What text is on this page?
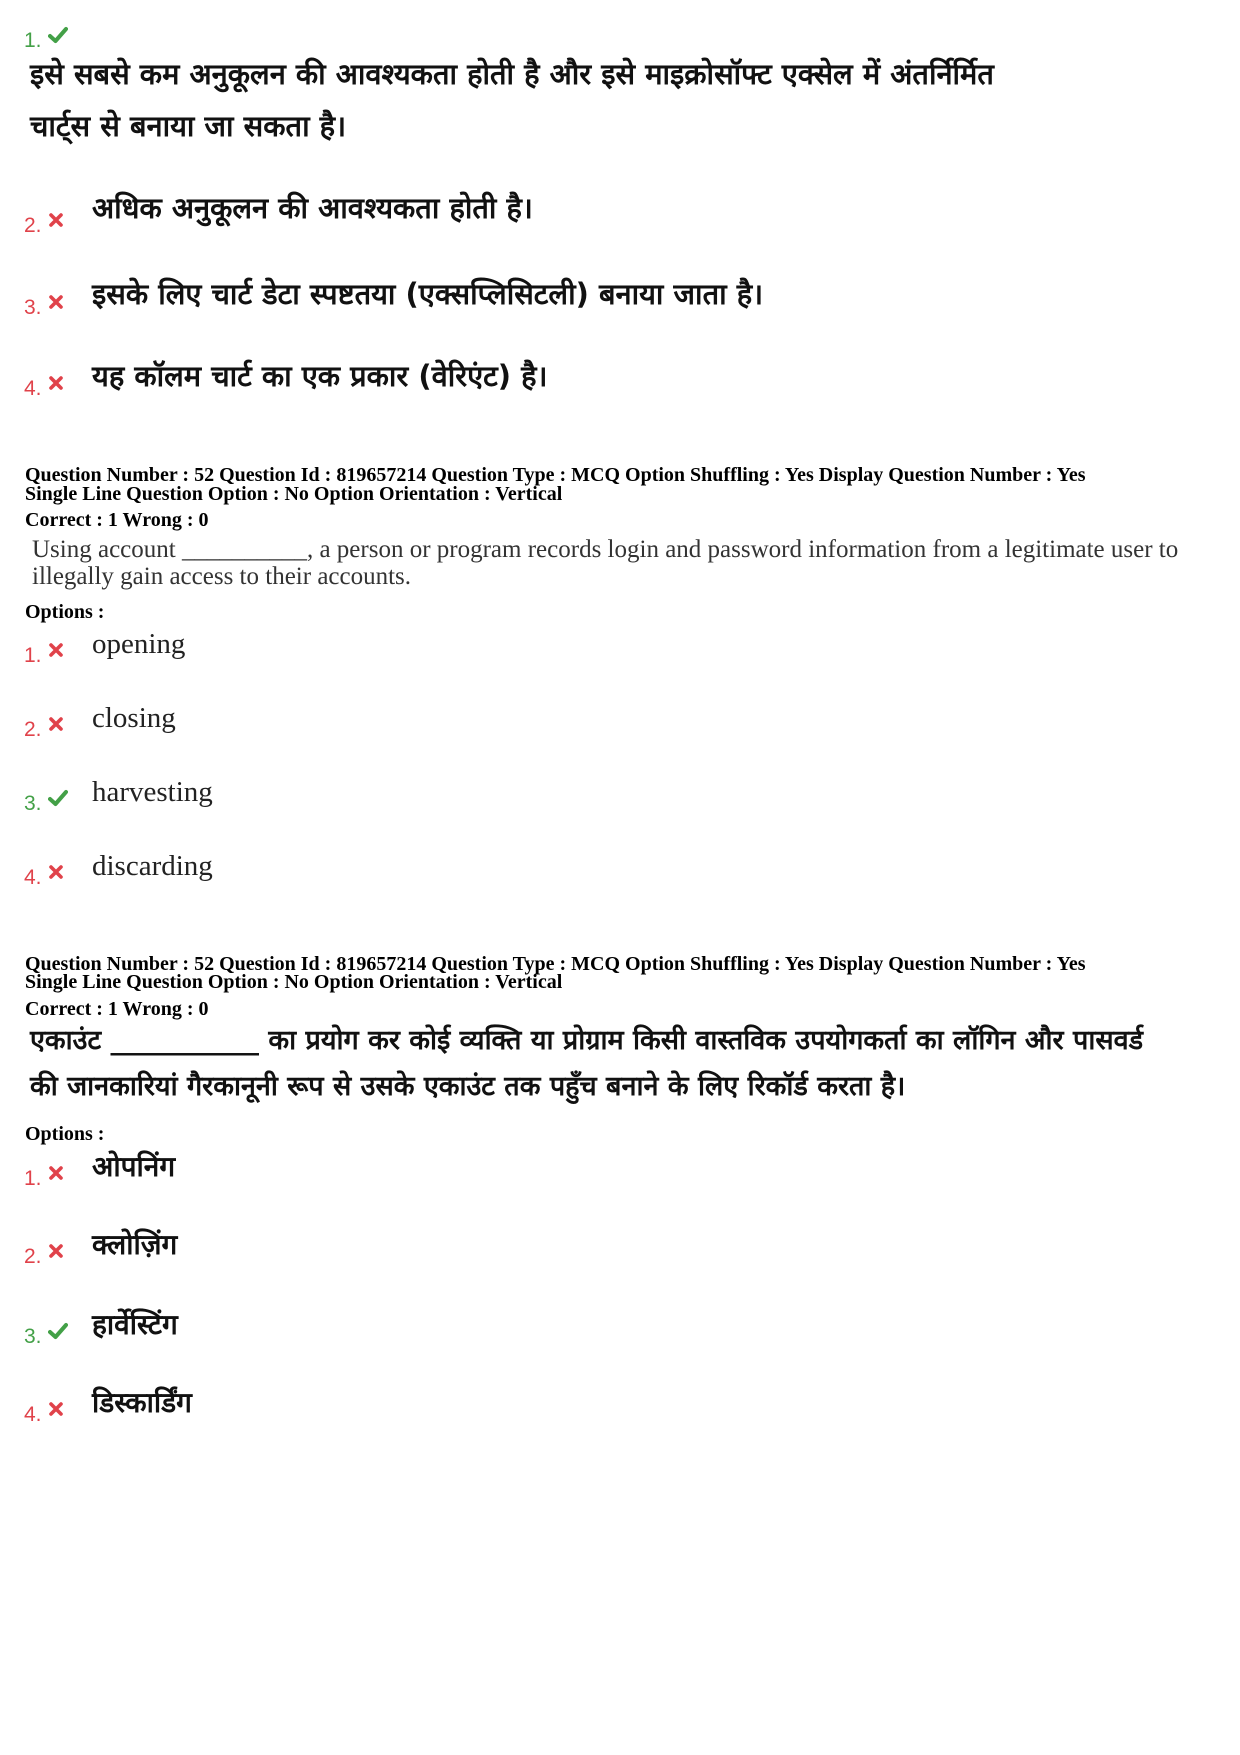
1.
इसे सबसे कम अनुकूलन की आवश्यकता होती है और इसे माइक्रोसॉफ्ट एक्सेल में अंतर्निर्मित
चार्ट्स से बनाया जा सकता है।
2.
अधिक अनुकूलन की आवश्यकता होती है।
3. इसके लिए चार्ट डेटा स्पष्टतया (एक्सप्लिसिटली) बनाया जाता है।
4. यह कॉलम चार्ट का एक प्रकार (वेरिएंट) है।
Question Number : 52 Question Id : 819657214 Question Type : MCQ Option Shuffling : Yes Display Question Number : Yes
Single Line Question Option : No Option Orientation : Vertical
Correct : 1 Wrong : 0
Using account __________, a person or program records login and password information from a legitimate user to
illegally gain access to their accounts.
Options :
1. opening
2. closing
3. harvesting
4. discarding
Question Number : 52 Question Id : 819657214 Question Type : MCQ Option Shuffling : Yes Display Question Number : Yes
Single Line Question Option : No Option Orientation : Vertical
Correct : 1 Wrong : 0
एकाउंट ___________ का प्रयोग कर कोई व्यक्ति या प्रोग्राम किसी वास्तविक उपयोगकर्ता का लॉगिन और पासवर्ड
की जानकारियां गैरकानूनी रूप से उसके एकाउंट तक पहुँच बनाने के लिए रिकॉर्ड करता है।
Options :
1. ओपनिंग
2. क्लोज़िंग
3. हार्वेस्टिंग
4. डिस्कार्डिंग
